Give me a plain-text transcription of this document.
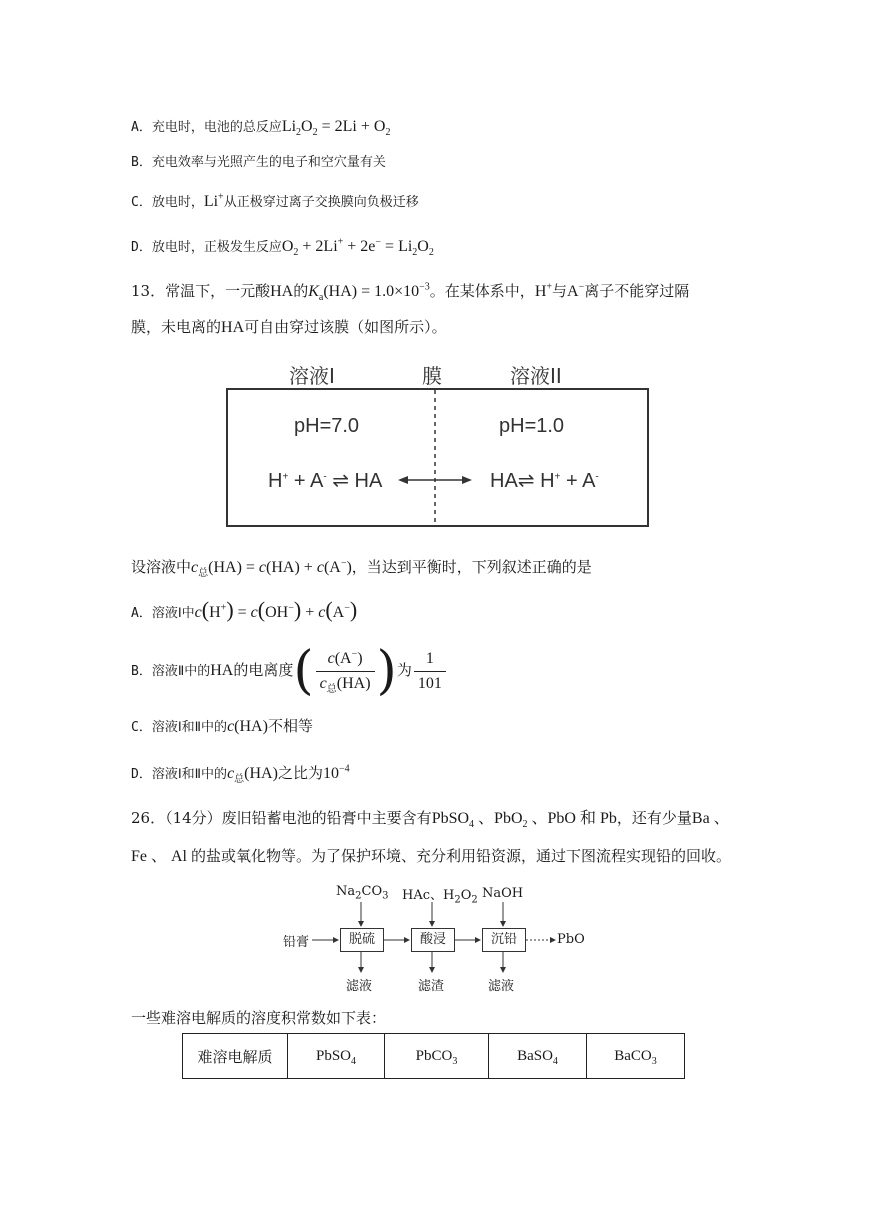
A．充电时，电池的总反应$Li_2O_2 = 2Li + O_2$
B．充电效率与光照产生的电子和空穴量有关
C．放电时，Li+从正极穿过离子交换膜向负极迁移
D．放电时，正极发生反应$O_2 + 2Li^+ + 2e^- = Li_2O_2$
13．常温下，一元酸HA的$K_a(HA) = 1.0\times 10^{-3}$。在某体系中，H+与A−离子不能穿过隔
膜，未电离的HA可自由穿过该膜（如图所示）。
溶液I	膜	溶液II
pH=7.0	pH=1.0
H+ + A- ⇌ HA	HA⇌ H+ + A-
设溶液中$c_总(HA) = c(HA) + c(A^-)$，当达到平衡时，下列叙述正确的是
A．溶液Ⅰ中c(H+) = c(OH−) + c(A−)
B．溶液Ⅱ中的HA的电离度( $\frac{c(A^-)}{c_总(HA)}$ )为 $\frac{1}{101}$
C．溶液Ⅰ和Ⅱ中的c(HA)不相等
D．溶液Ⅰ和Ⅱ中的$c_总(HA)$之比为$10^{-4}$
26．（14分）废旧铅蓄电池的铅膏中主要含有PbSO$_4$ 、PbO$_2$ 、PbO 和 Pb，还有少量Ba 、
Fe 、 Al 的盐或氧化物等。为了保护环境、充分利用铅资源，通过下图流程实现铅的回收。
$Na_2CO_3$ HAc、$H_2O_2$ NaOH
铅膏	脱硫	酸浸	沉铅	PbO
滤液	滤渣	滤液
一些难溶电解质的溶度积常数如下表：
难溶电解质	PbSO$_4$	PbCO$_3$	BaSO$_4$	BaCO$_3$
